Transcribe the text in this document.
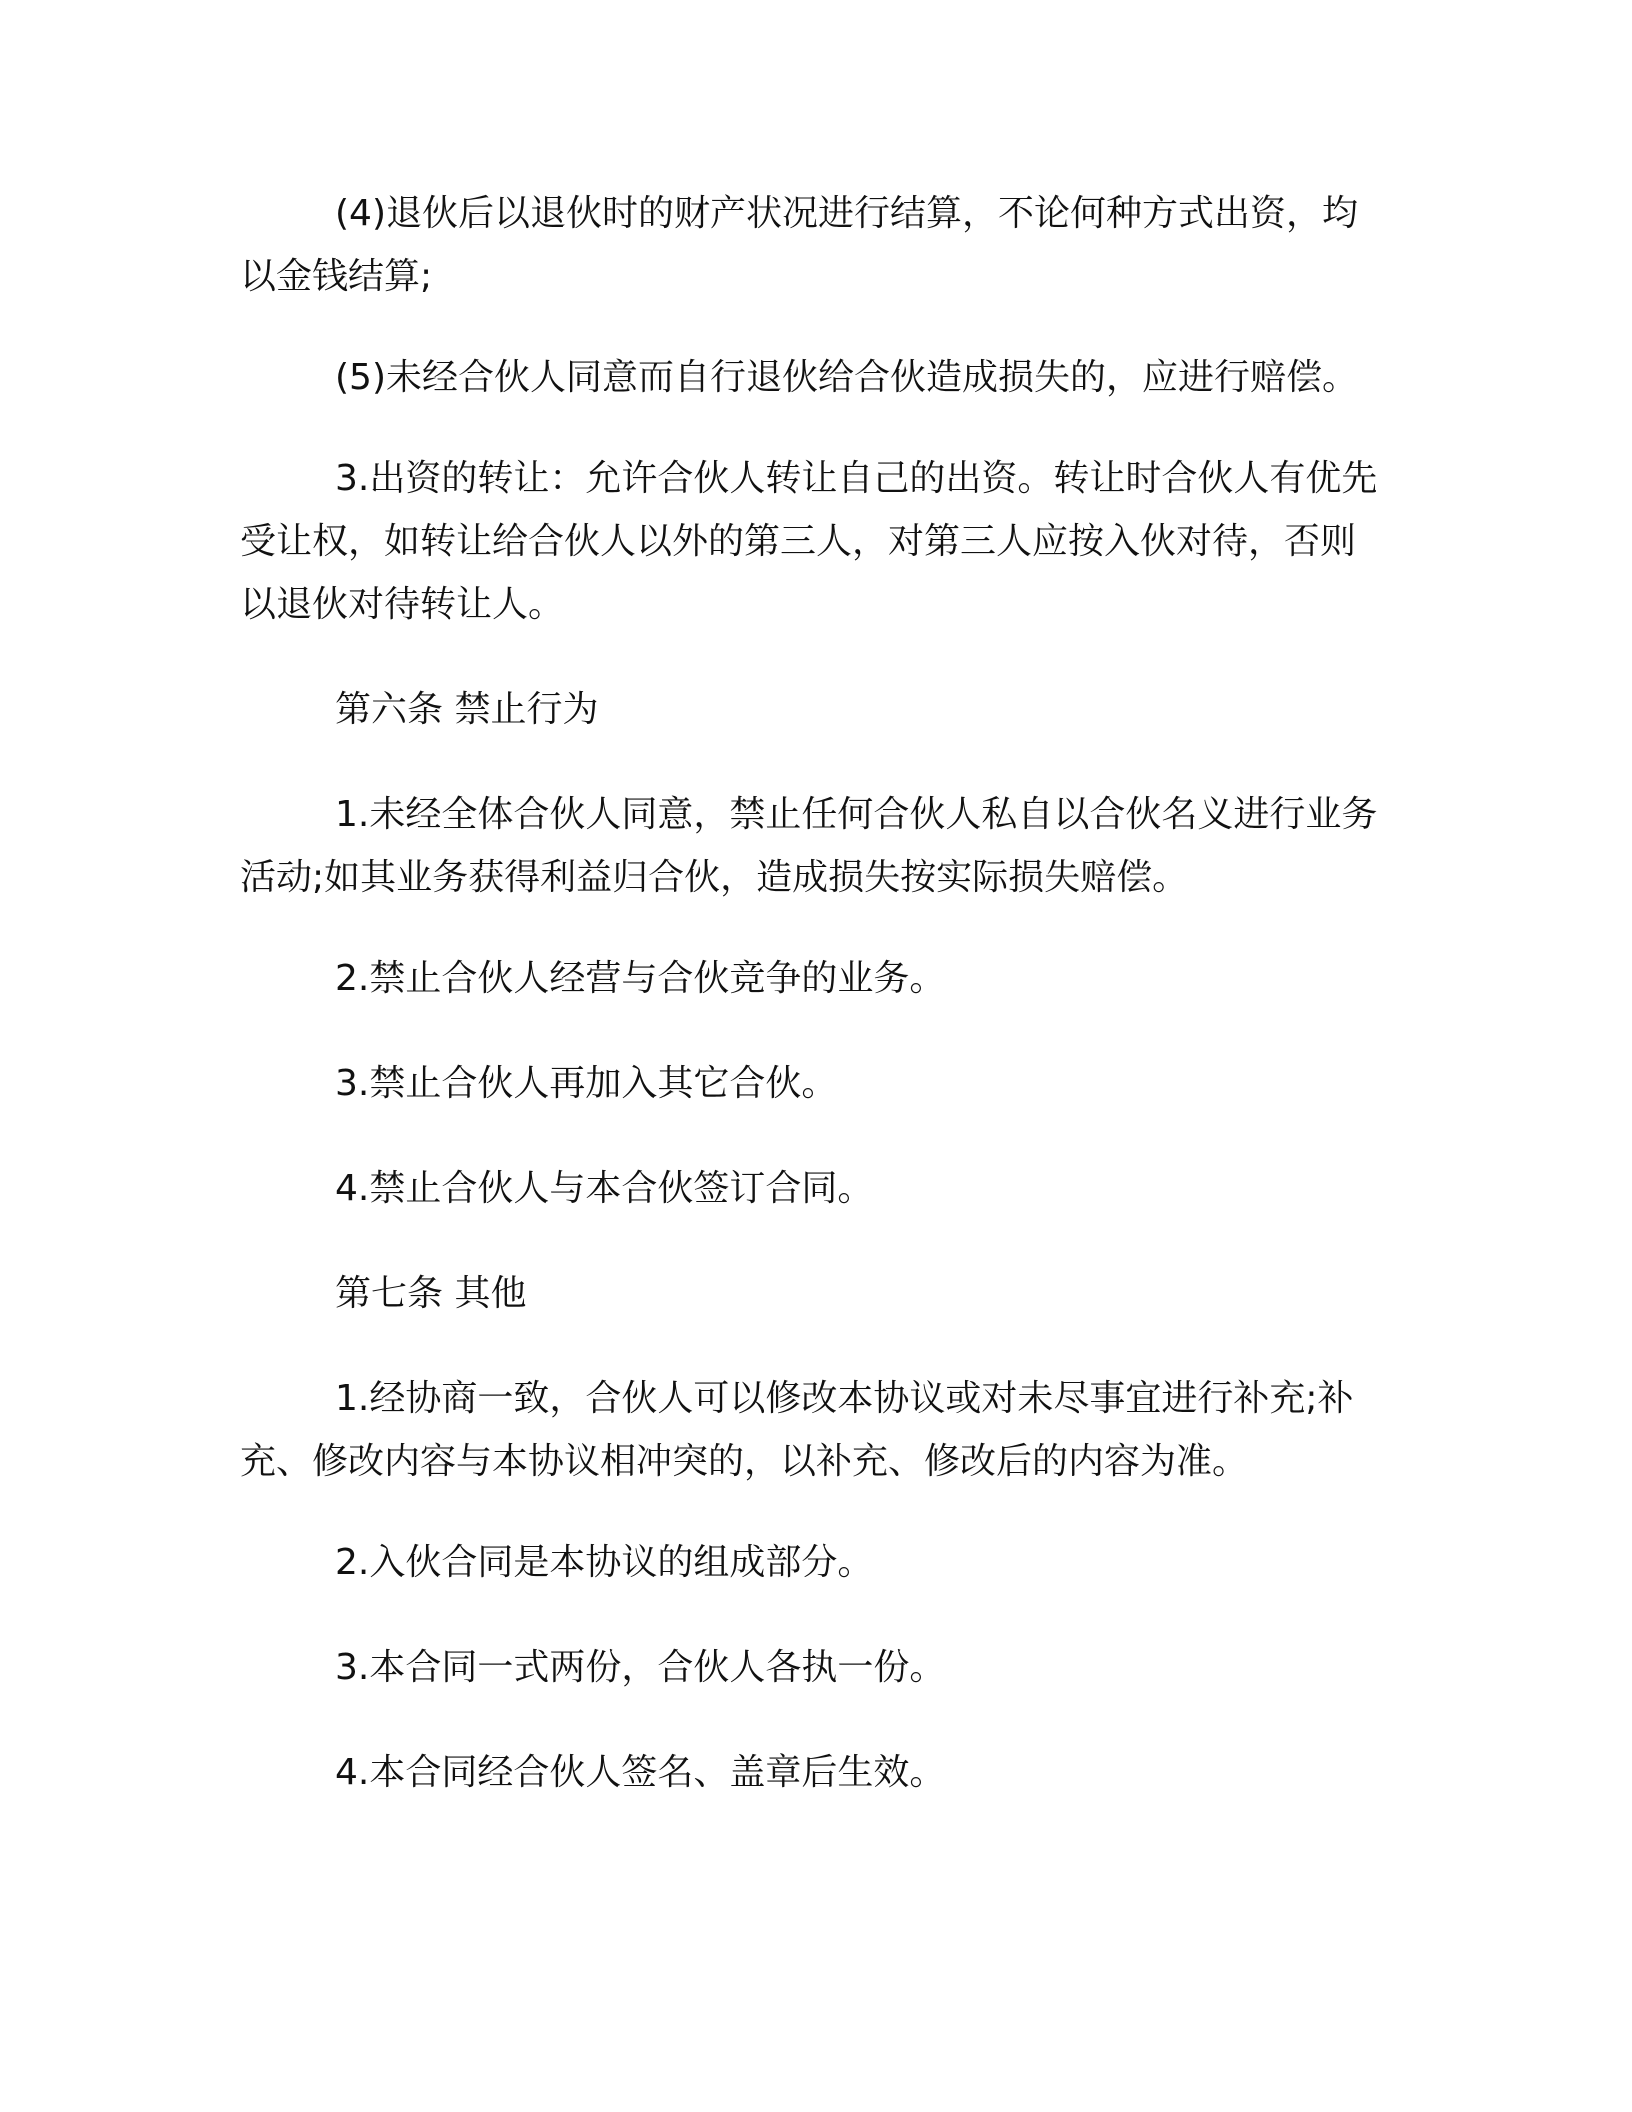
(4)退伙后以退伙时的财产状况进行结算，不论何种方式出资，均以金钱结算;

(5)未经合伙人同意而自行退伙给合伙造成损失的，应进行赔偿。

3.出资的转让：允许合伙人转让自己的出资。转让时合伙人有优先受让权，如转让给合伙人以外的第三人，对第三人应按入伙对待，否则以退伙对待转让人。

第六条 禁止行为

1.未经全体合伙人同意，禁止任何合伙人私自以合伙名义进行业务活动;如其业务获得利益归合伙，造成损失按实际损失赔偿。

2.禁止合伙人经营与合伙竞争的业务。

3.禁止合伙人再加入其它合伙。

4.禁止合伙人与本合伙签订合同。

第七条 其他

1.经协商一致，合伙人可以修改本协议或对未尽事宜进行补充;补充、修改内容与本协议相冲突的，以补充、修改后的内容为准。

2.入伙合同是本协议的组成部分。

3.本合同一式两份，合伙人各执一份。

4.本合同经合伙人签名、盖章后生效。
